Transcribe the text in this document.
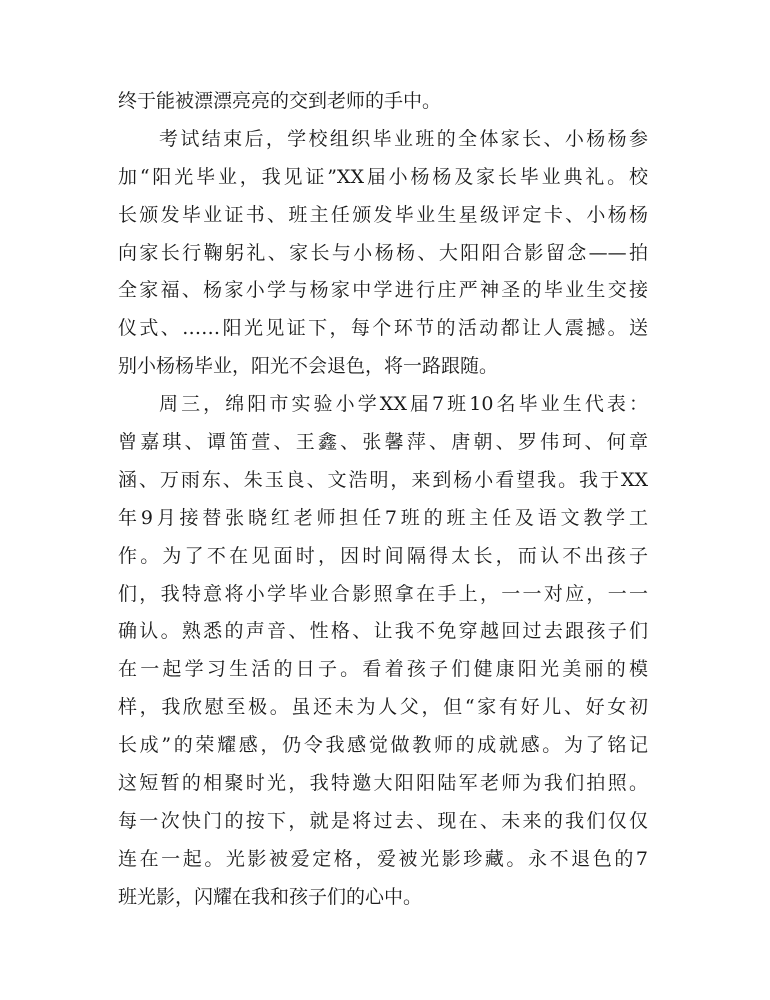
终于能被漂漂亮亮的交到老师的手中。
考试结束后，学校组织毕业班的全体家长、小杨杨参
加“阳光毕业，我见证”XX届小杨杨及家长毕业典礼。校
长颁发毕业证书、班主任颁发毕业生星级评定卡、小杨杨
向家长行鞠躬礼、家长与小杨杨、大阳阳合影留念——拍
全家福、杨家小学与杨家中学进行庄严神圣的毕业生交接
仪式、……阳光见证下，每个环节的活动都让人震撼。送
别小杨杨毕业，阳光不会退色，将一路跟随。
周三，绵阳市实验小学XX届7班10名毕业生代表：
曾嘉琪、谭笛萱、王鑫、张馨萍、唐朝、罗伟珂、何章
涵、万雨东、朱玉良、文浩明，来到杨小看望我。我于XX
年9月接替张晓红老师担任7班的班主任及语文教学工
作。为了不在见面时，因时间隔得太长，而认不出孩子
们，我特意将小学毕业合影照拿在手上，一一对应，一一
确认。熟悉的声音、性格、让我不免穿越回过去跟孩子们
在一起学习生活的日子。看着孩子们健康阳光美丽的模
样，我欣慰至极。虽还未为人父，但“家有好儿、好女初
长成”的荣耀感，仍令我感觉做教师的成就感。为了铭记
这短暂的相聚时光，我特邀大阳阳陆军老师为我们拍照。
每一次快门的按下，就是将过去、现在、未来的我们仅仅
连在一起。光影被爱定格，爱被光影珍藏。永不退色的7
班光影，闪耀在我和孩子们的心中。
